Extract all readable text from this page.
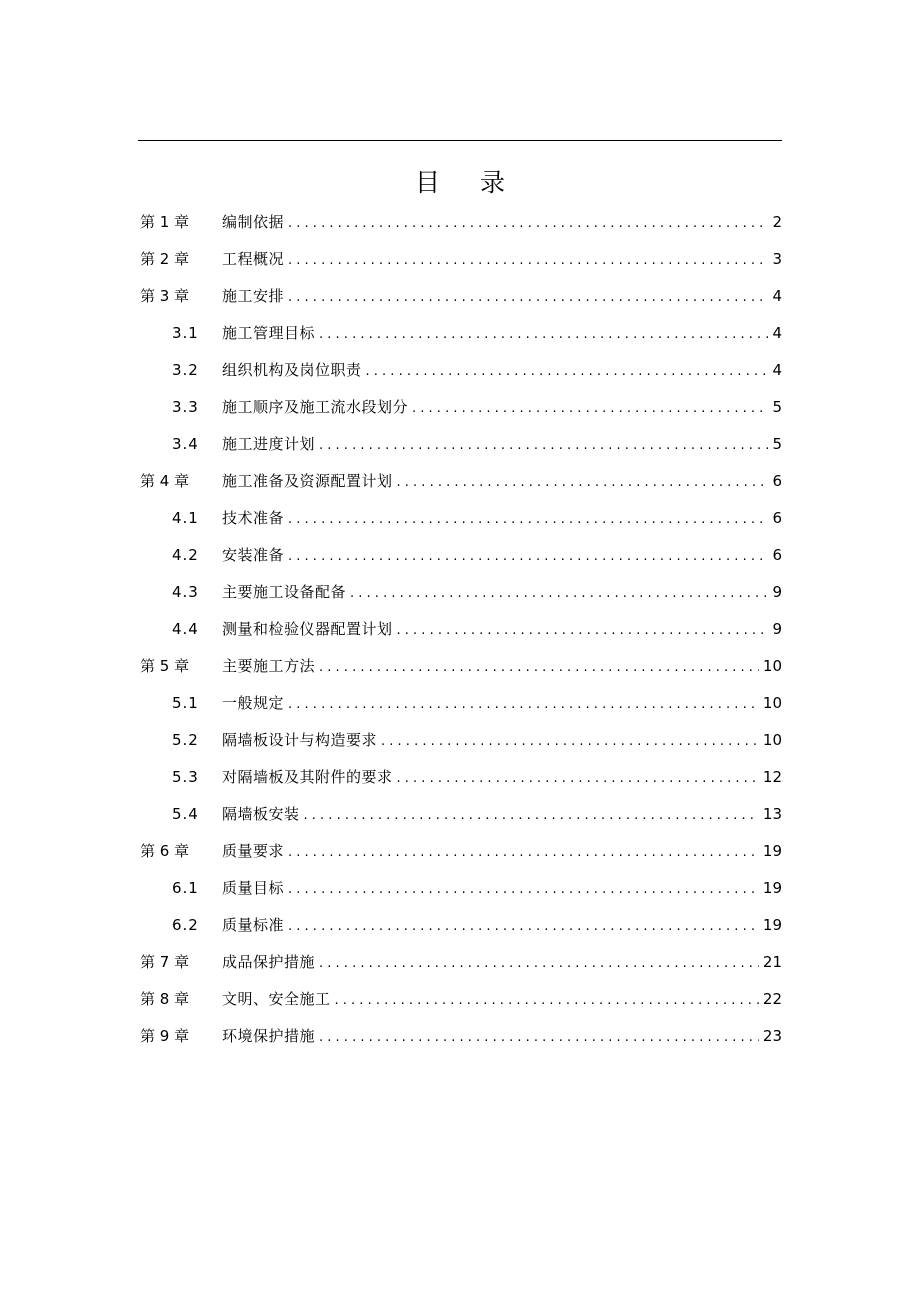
目 录
第 1 章	编制依据 . . .	2
第 2 章	工程概况 . . .	3
第 3 章	施工安排 . . .	4
3.1	施工管理目标 . . .	4
3.2	组织机构及岗位职责 . . .	4
3.3	施工顺序及施工流水段划分 . . .	5
3.4	施工进度计划 . . .	5
第 4 章	施工准备及资源配置计划 . . .	6
4.1	技术准备 . . .	6
4.2	安装准备 . . .	6
4.3	主要施工设备配备 . . .	9
4.4	测量和检验仪器配置计划 . . .	9
第 5 章	主要施工方法 . . .	10
5.1	一般规定 . . .	10
5.2	隔墙板设计与构造要求 . . .	10
5.3	对隔墙板及其附件的要求 . . .	12
5.4	隔墙板安装 . . .	13
第 6 章	质量要求 . . .	19
6.1	质量目标 . . .	19
6.2	质量标准 . . .	19
第 7 章	成品保护措施 . . .	21
第 8 章	文明、安全施工 . . .	22
第 9 章	环境保护措施 . . .	23
